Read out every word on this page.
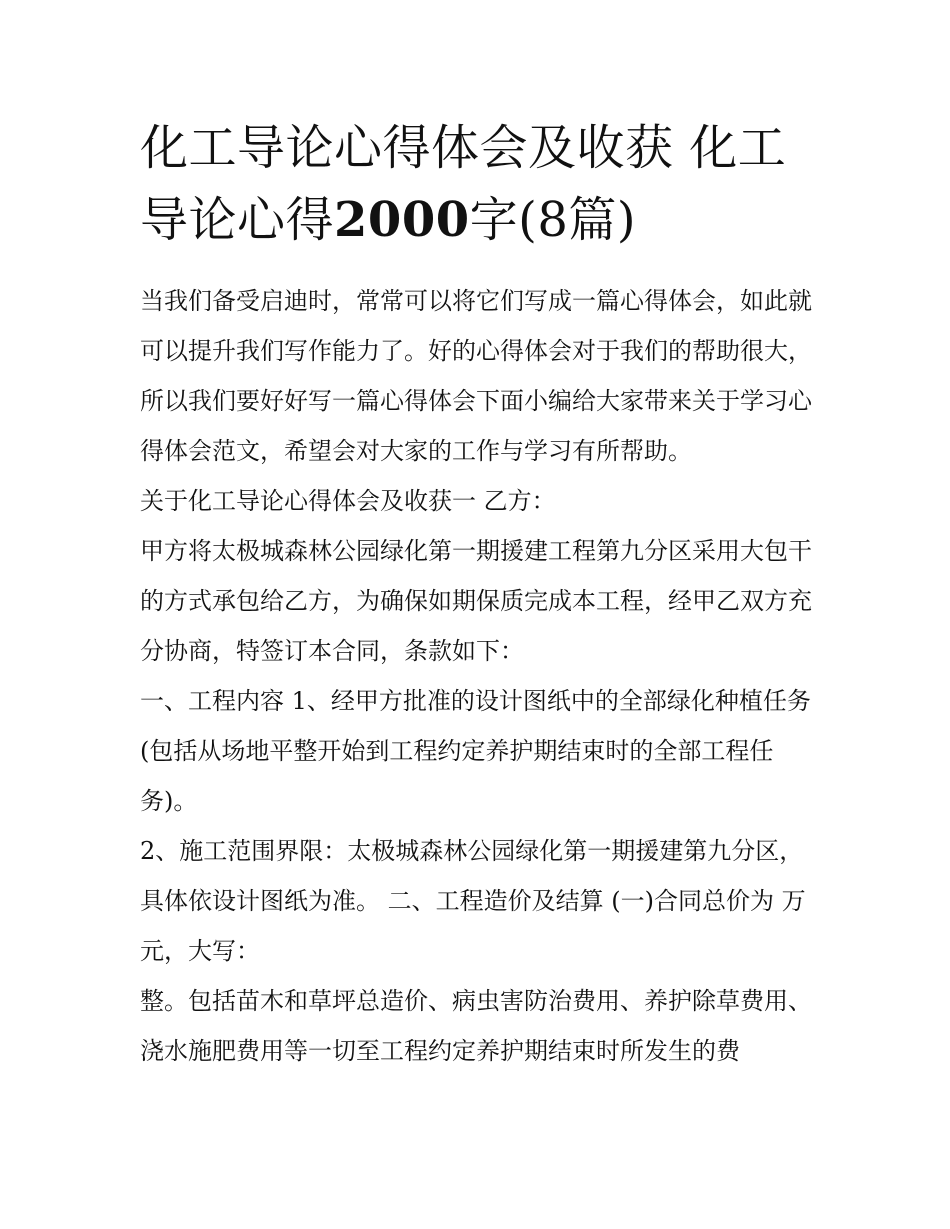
化工导论心得体会及收获 化工导论心得2000字(8篇)

当我们备受启迪时，常常可以将它们写成一篇心得体会，如此就可以提升我们写作能力了。好的心得体会对于我们的帮助很大，所以我们要好好写一篇心得体会下面小编给大家带来关于学习心得体会范文，希望会对大家的工作与学习有所帮助。

关于化工导论心得体会及收获一 乙方：

甲方将太极城森林公园绿化第一期援建工程第九分区采用大包干的方式承包给乙方，为确保如期保质完成本工程，经甲乙双方充分协商，特签订本合同，条款如下：

一、工程内容 1、经甲方批准的设计图纸中的全部绿化种植任务(包括从场地平整开始到工程约定养护期结束时的全部工程任务)。

2、施工范围界限：太极城森林公园绿化第一期援建第九分区，具体依设计图纸为准。 二、工程造价及结算 (一)合同总价为 万元，大写：

整。包括苗木和草坪总造价、病虫害防治费用、养护除草费用、浇水施肥费用等一切至工程约定养护期结束时所发生的费
